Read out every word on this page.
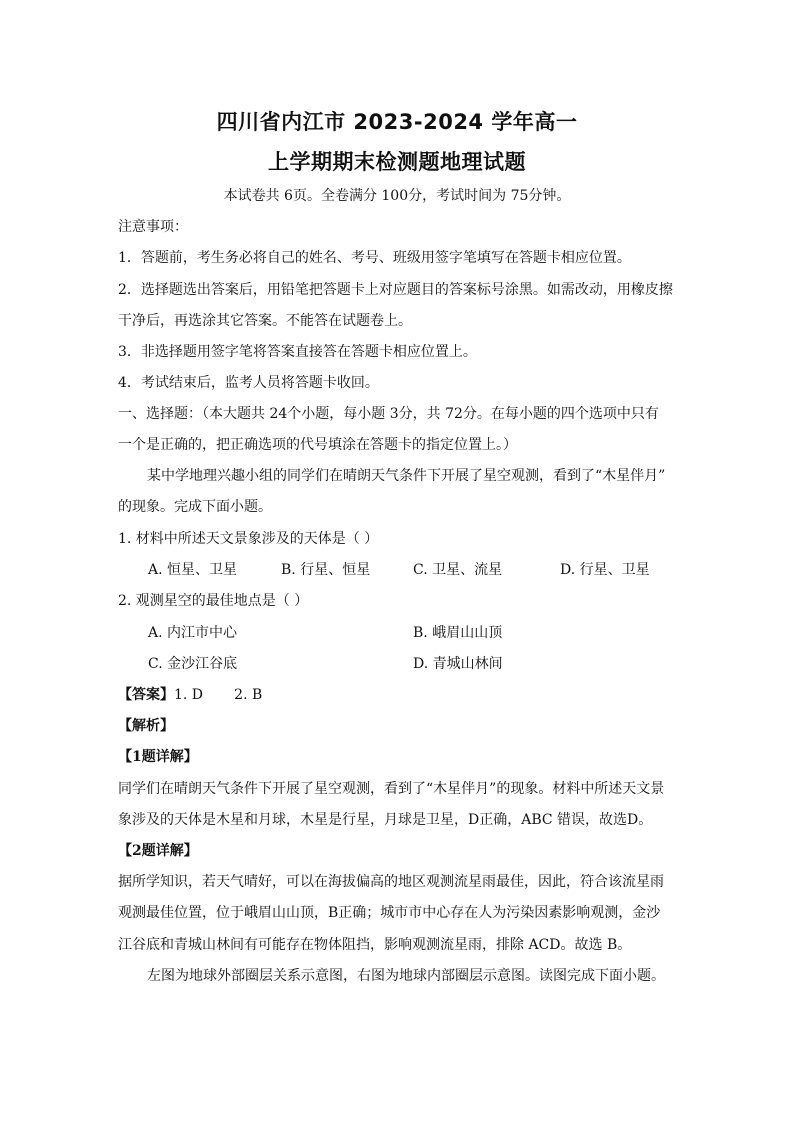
四川省内江市 2023-2024 学年高一
上学期期末检测题地理试题
本试卷共 6页。全卷满分 100分，考试时间为 75分钟。
注意事项：
1．答题前，考生务必将自己的姓名、考号、班级用签字笔填写在答题卡相应位置。
2．选择题选出答案后，用铅笔把答题卡上对应题目的答案标号涂黑。如需改动，用橡皮擦
干净后，再选涂其它答案。不能答在试题卷上。
3．非选择题用签字笔将答案直接答在答题卡相应位置上。
4．考试结束后，监考人员将答题卡收回。
一、选择题：（本大题共 24个小题，每小题 3分，共 72分。在每小题的四个选项中只有
一个是正确的，把正确选项的代号填涂在答题卡的指定位置上。）
某中学地理兴趣小组的同学们在晴朗天气条件下开展了星空观测，看到了“木星伴月”
的现象。完成下面小题。
1. 材料中所述天文景象涉及的天体是（ ）
A. 恒星、卫星	B. 行星、恒星	C. 卫星、流星	D. 行星、卫星
2. 观测星空的最佳地点是（ ）
A. 内江市中心	B. 峨眉山山顶
C. 金沙江谷底	D. 青城山林间
【答案】1. D       2. B
【解析】
【1题详解】
同学们在晴朗天气条件下开展了星空观测，看到了“木星伴月”的现象。材料中所述天文景
象涉及的天体是木星和月球，木星是行星，月球是卫星，D正确，ABC 错误，故选D。
【2题详解】
据所学知识，若天气晴好，可以在海拔偏高的地区观测流星雨最佳，因此，符合该流星雨
观测最佳位置，位于峨眉山山顶，B正确；城市市中心存在人为污染因素影响观测，金沙
江谷底和青城山林间有可能存在物体阻挡，影响观测流星雨，排除 ACD。故选 B。
左图为地球外部圈层关系示意图，右图为地球内部圈层示意图。读图完成下面小题。
